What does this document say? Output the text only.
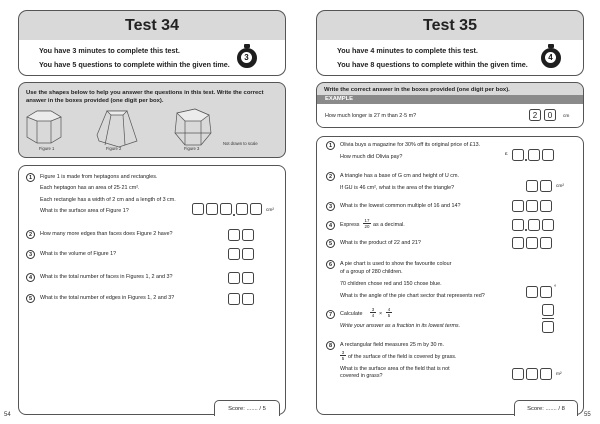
Test 34
You have 3 minutes to complete this test.
You have 5 questions to complete within the given time.
3
Use the shapes below to help you answer the questions in this test. Write the correct
answer in the boxes provided (one digit per box).
Figure 1	Figure 2	Figure 3
Not drawn to scale
1	Figure 1 is made from heptagons and rectangles.
Each heptagon has an area of 25·21 cm².
Each rectangle has a width of 2 cm and a length of 3 cm.
What is the surface area of Figure 1?	cm²
2	How many more edges than faces does Figure 2 have?
3	What is the volume of Figure 1?
4	What is the total number of faces in Figures 1, 2 and 3?
5	What is the total number of edges in Figures 1, 2 and 3?
Score: ....... / 5
54
Test 35
You have 4 minutes to complete this test.
You have 8 questions to complete within the given time.
4
Write the correct answer in the boxes provided (one digit per box).
EXAMPLE
How much longer is 27 m than 2·5 m?	2	0	cm
1	Olivia buys a magazine for 30% off its original price of £13.
How much did Olivia pay?	£
2	A triangle has a base of G cm and height of U cm.
If GU is 46 cm², what is the area of the triangle?	cm²
3	What is the lowest common multiple of 16 and 14?
4	Express $\frac{17}{20}$ as a decimal.
5	What is the product of 22 and 21?
6	A pie chart is used to show the favourite colour
of a group of 280 children.
70 children chose red and 150 chose blue.
What is the angle of the pie chart sector that represents red?
°
7	Calculate $\frac{3}{4} \times \frac{4}{5}$
Write your answer as a fraction in its lowest terms.
8	A rectangular field measures 25 m by 30 m.
$\frac{3}{5}$ of the surface of the field is covered by grass.
What is the surface area of the field that is not
covered in grass?	m²
Score: ....... / 8
55
